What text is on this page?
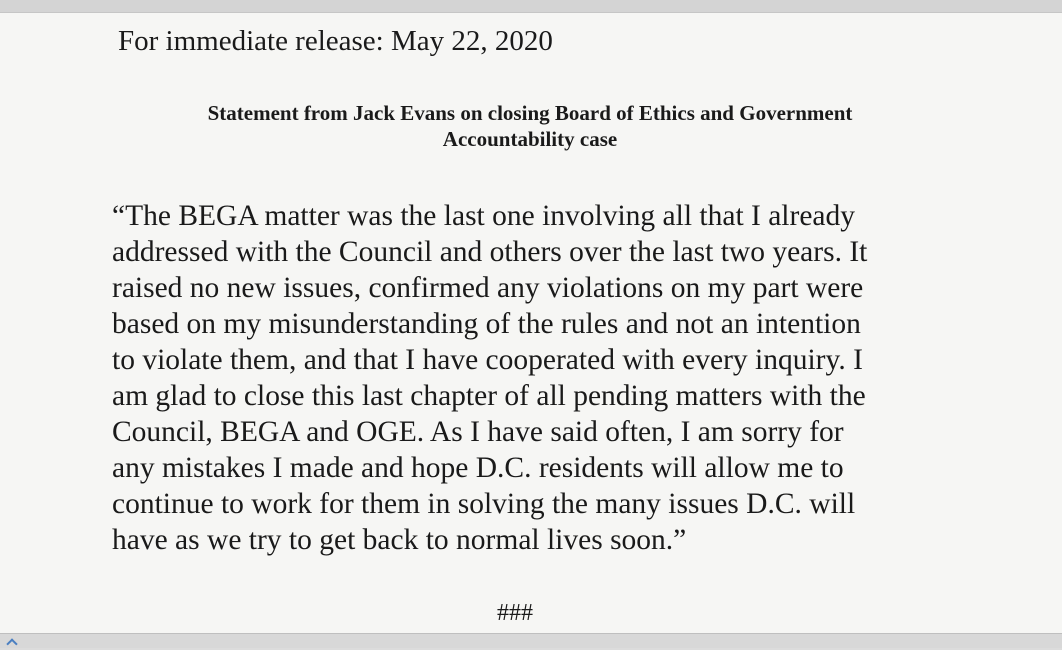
For immediate release: May 22, 2020
Statement from Jack Evans on closing Board of Ethics and Government
Accountability case
“The BEGA matter was the last one involving all that I already
addressed with the Council and others over the last two years. It
raised no new issues, confirmed any violations on my part were
based on my misunderstanding of the rules and not an intention
to violate them, and that I have cooperated with every inquiry. I
am glad to close this last chapter of all pending matters with the
Council, BEGA and OGE. As I have said often, I am sorry for
any mistakes I made and hope D.C. residents will allow me to
continue to work for them in solving the many issues D.C. will
have as we try to get back to normal lives soon.”
###
